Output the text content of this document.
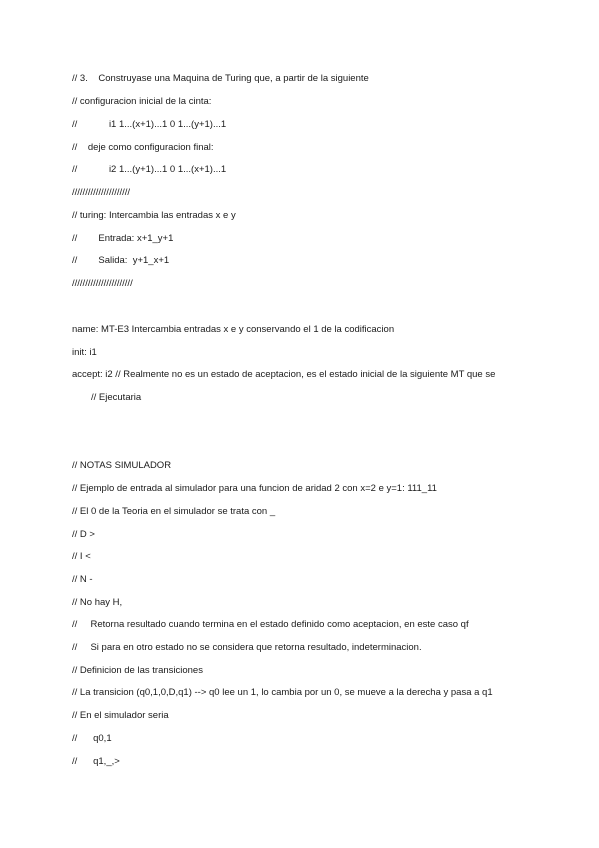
// 3.    Construyase una Maquina de Turing que, a partir de la siguiente
// configuracion inicial de la cinta:
//            i1 1...(x+1)...1 0 1...(y+1)...1
//    deje como configuracion final:
//            i2 1...(y+1)...1 0 1...(x+1)...1
//////////////////////
// turing: Intercambia las entradas x e y
//        Entrada: x+1_y+1
//        Salida:  y+1_x+1
///////////////////////
name: MT-E3 Intercambia entradas x e y conservando el 1 de la codificacion
init: i1
accept: i2 // Realmente no es un estado de aceptacion, es el estado inicial de la siguiente MT que se
// Ejecutaria
// NOTAS SIMULADOR
// Ejemplo de entrada al simulador para una funcion de aridad 2 con x=2 e y=1: 111_11
// El 0 de la Teoria en el simulador se trata con _
// D >
// I <
// N -
// No hay H,
//     Retorna resultado cuando termina en el estado definido como aceptacion, en este caso qf
//     Si para en otro estado no se considera que retorna resultado, indeterminacion.
// Definicion de las transiciones
// La transicion (q0,1,0,D,q1) --> q0 lee un 1, lo cambia por un 0, se mueve a la derecha y pasa a q1
// En el simulador seria
//      q0,1
//      q1,_,>
